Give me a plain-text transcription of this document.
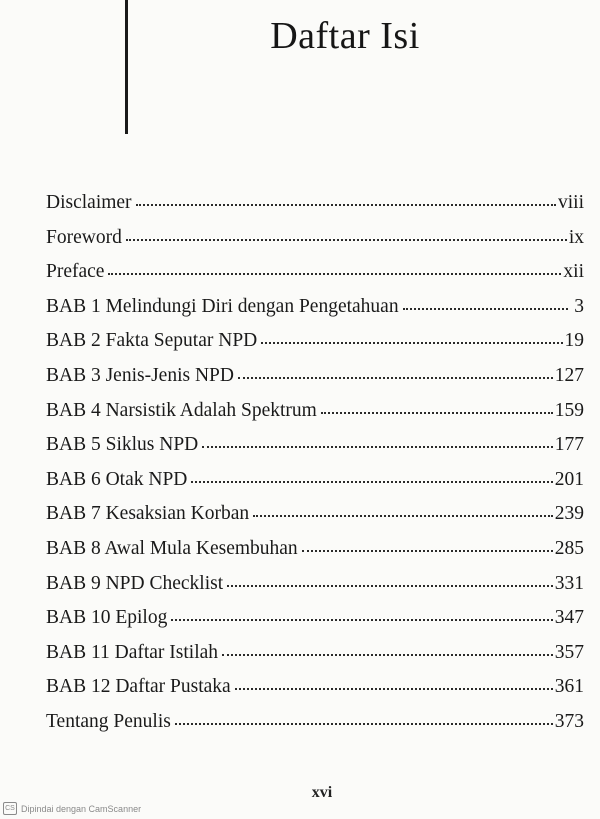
Daftar Isi
Disclaimer	viii
Foreword	ix
Preface	xii
BAB 1 Melindungi Diri dengan Pengetahuan	3
BAB 2 Fakta Seputar NPD	19
BAB 3 Jenis-Jenis NPD	127
BAB 4 Narsistik Adalah Spektrum	159
BAB 5 Siklus NPD	177
BAB 6 Otak NPD	201
BAB 7 Kesaksian Korban	239
BAB 8 Awal Mula Kesembuhan	285
BAB 9 NPD Checklist	331
BAB 10 Epilog	347
BAB 11 Daftar Istilah	357
BAB 12 Daftar Pustaka	361
Tentang Penulis	373
xvi
CS Dipindai dengan CamScanner
